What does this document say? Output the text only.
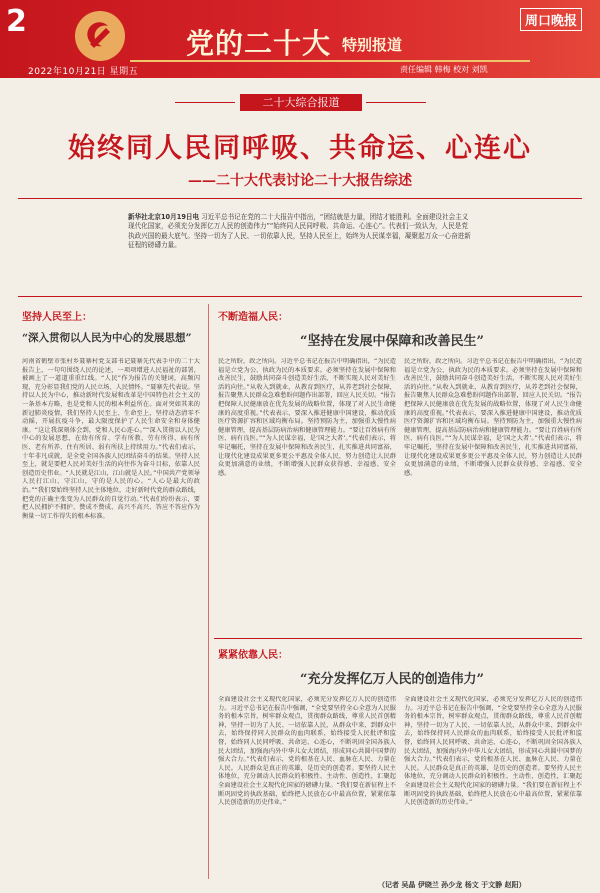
2
党的二十大 特别报道
周口晚报
2022年10月21日 星期五	责任编辑 韩梅 校对 刘凯
二十大综合报道
始终同人民同呼吸、共命运、心连心
——二十大代表讨论二十大报告综述
新华社北京10月19日电 习近平总书记在党的二十大报告中指出，“团结就是力量，团结才能胜利。全面建设社会主义现代化国家，必须充分发挥亿万人民的创造伟力”“始终同人民同呼吸、共命运、心连心”。代表们一致认为，人民是党执政兴国的最大底气。坚持一切为了人民、一切依靠人民，坚持人民至上，始终为人民谋幸福，凝聚起万众一心奋进新征程的磅礴力量。
坚持人民至上：
“深入贯彻以人民为中心的发展思想”
河南省鹤壁市张村乡聂寨村党支部书记聂寨先代表手中的二十大报告上，一句句围绕人民的论述，一项项增进人民福祉的部署，被画上了一道道重重红线。“人民”作为报告的关键词，高频闪现，充分彰显我们党的人民立场、人民情怀。“聂寨先代表说。坚持以人民为中心，推动新时代发展和改革是中国特色社会主义的一条基本方略，也是党和人民的根本利益所在。面对突如其来的新冠肺炎疫情，我们坚持人民至上、生命至上，坚持动态清零不动摇，开展抗疫斗争，最大限度保护了人民生命安全和身体健康。“这让我深刻体会到，党和人民心连心。”“深入贯彻以人民为中心的发展思想，在幼有所育、学有所教、劳有所得、病有所医、老有所养、住有所居、弱有所扶上持续用力。”代表们表示，十年非凡成就，是全党全国各族人民团结奋斗的结果。坚持人民至上，就是要把人民对美好生活的向往作为奋斗目标，依靠人民创造历史伟业。“人民就是江山，江山就是人民。”中国共产党领导人民打江山、守江山，守的是人民的心。“人心是最大的政治。”“我们要始终坚持人民主体地位，走好新时代党的群众路线，把党的正确主张变为人民群众的自觉行动。”代表们纷纷表示，要把人民拥护不拥护、赞成不赞成、高兴不高兴、答应不答应作为衡量一切工作得失的根本标准。
不断造福人民：
“坚持在发展中保障和改善民生”
民之所盼，政之所向。习近平总书记在报告中明确指出，“为民造福是立党为公、执政为民的本质要求。必须坚持在发展中保障和改善民生，鼓励共同奋斗创造美好生活，不断实现人民对美好生活的向往。”从收入到就业，从教育到医疗，从养老到社会保障，报告聚焦人民群众急难愁盼问题作出部署，回应人民关切。“报告把保障人民健康放在优先发展的战略位置，体现了对人民生命健康的高度重视。”代表表示，要深入推进健康中国建设，推动优质医疗资源扩容和区域均衡布局。坚持预防为主，加强重大慢性病健康管理，提高基层防病治病和健康管理能力。“要让百姓病有所医、病有良医。”“为人民谋幸福，是‘国之大者’。”代表们表示，将牢记嘱托，坚持在发展中保障和改善民生，扎实推进共同富裕，让现代化建设成果更多更公平惠及全体人民，努力创造让人民群众更加满意的业绩，不断增强人民群众获得感、幸福感、安全感。
民之所盼，政之所向。习近平总书记在报告中明确指出，“为民造福是立党为公、执政为民的本质要求。必须坚持在发展中保障和改善民生，鼓励共同奋斗创造美好生活，不断实现人民对美好生活的向往。”从收入到就业，从教育到医疗，从养老到社会保障，报告聚焦人民群众急难愁盼问题作出部署，回应人民关切。“报告把保障人民健康放在优先发展的战略位置，体现了对人民生命健康的高度重视。”代表表示，要深入推进健康中国建设，推动优质医疗资源扩容和区域均衡布局。坚持预防为主，加强重大慢性病健康管理，提高基层防病治病和健康管理能力。“要让百姓病有所医、病有良医。”“为人民谋幸福，是‘国之大者’。”代表们表示，将牢记嘱托，坚持在发展中保障和改善民生，扎实推进共同富裕，让现代化建设成果更多更公平惠及全体人民，努力创造让人民群众更加满意的业绩，不断增强人民群众获得感、幸福感、安全感。
紧紧依靠人民：
“充分发挥亿万人民的创造伟力”
全面建设社会主义现代化国家，必须充分发挥亿万人民的创造伟力。习近平总书记在报告中强调，“全党要坚持全心全意为人民服务的根本宗旨，树牢群众观点，贯彻群众路线，尊重人民首创精神，坚持一切为了人民、一切依靠人民，从群众中来、到群众中去，始终保持同人民群众的血肉联系，始终接受人民批评和监督，始终同人民同呼吸、共命运、心连心，不断巩固全国各族人民大团结，加强海内外中华儿女大团结，形成同心共圆中国梦的强大合力。”代表们表示，党的根基在人民、血脉在人民、力量在人民。人民群众是真正的英雄，是历史的创造者。要坚持人民主体地位，充分调动人民群众的积极性、主动性、创造性，汇聚起全面建设社会主义现代化国家的磅礴力量。“我们要在新征程上不断巩固党的执政基础，始终把人民放在心中最高位置，紧紧依靠人民创造新的历史伟业。”
全面建设社会主义现代化国家，必须充分发挥亿万人民的创造伟力。习近平总书记在报告中强调，“全党要坚持全心全意为人民服务的根本宗旨，树牢群众观点，贯彻群众路线，尊重人民首创精神，坚持一切为了人民、一切依靠人民，从群众中来、到群众中去，始终保持同人民群众的血肉联系，始终接受人民批评和监督，始终同人民同呼吸、共命运、心连心，不断巩固全国各族人民大团结，加强海内外中华儿女大团结，形成同心共圆中国梦的强大合力。”代表们表示，党的根基在人民、血脉在人民、力量在人民。人民群众是真正的英雄，是历史的创造者。要坚持人民主体地位，充分调动人民群众的积极性、主动性、创造性，汇聚起全面建设社会主义现代化国家的磅礴力量。“我们要在新征程上不断巩固党的执政基础，始终把人民放在心中最高位置，紧紧依靠人民创造新的历史伟业。”
（记者 吴晶 伊晓兰 孙少龙 杨文 于文静 赵阳）
